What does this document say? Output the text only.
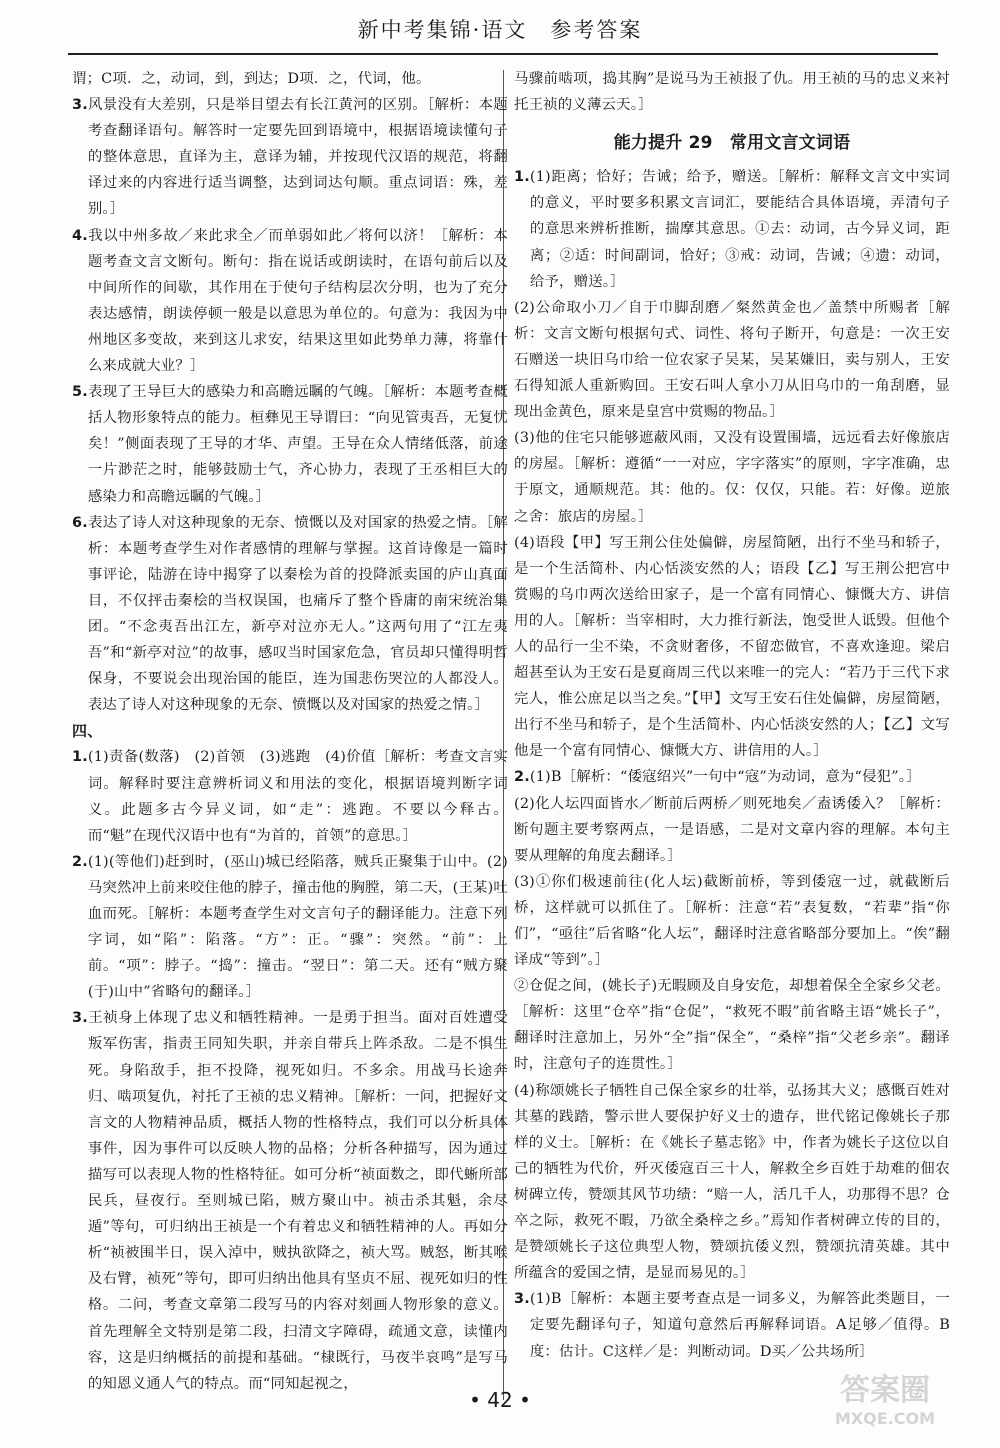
新中考集锦·语文　参考答案

谓；C项．之，动词，到，到达；D项．之，代词，他。

3.风景没有大差别，只是举目望去有长江黄河的区别。［解析：本题考查翻译语句。解答时一定要先回到语境中，根据语境读懂句子的整体意思，直译为主，意译为辅，并按现代汉语的规范，将翻译过来的内容进行适当调整，达到词达句顺。重点词语：殊，差别。］

4.我以中州多故／来此求全／而单弱如此／将何以济！［解析：本题考查文言文断句。断句：指在说话或朗读时，在语句前后以及中间所作的间歇，其作用在于使句子结构层次分明，也为了充分表达感情，朗读停顿一般是以意思为单位的。句意为：我因为中州地区多变故，来到这儿求安，结果这里如此势单力薄，将靠什么来成就大业？］

5.表现了王导巨大的感染力和高瞻远瞩的气魄。［解析：本题考查概括人物形象特点的能力。桓彝见王导谓曰：“向见管夷吾，无复忧矣！”侧面表现了王导的才华、声望。王导在众人情绪低落，前途一片渺茫之时，能够鼓励士气，齐心协力，表现了王丞相巨大的感染力和高瞻远瞩的气魄。］

6.表达了诗人对这种现象的无奈、愤慨以及对国家的热爱之情。［解析：本题考查学生对作者感情的理解与掌握。这首诗像是一篇时事评论，陆游在诗中揭穿了以秦桧为首的投降派卖国的庐山真面目，不仅抨击秦桧的当权误国，也痛斥了整个昏庸的南宋统治集团。“不念夷吾出江左，新亭对泣亦无人。”这两句用了“江左夷吾”和“新亭对泣”的故事，感叹当时国家危急，官员却只懂得明哲保身，不要说会出现治国的能臣，连为国悲伤哭泣的人都没人。表达了诗人对这种现象的无奈、愤慨以及对国家的热爱之情。］

四、

1.(1)责备(数落)　(2)首领　(3)逃跑　(4)价值［解析：考查文言实词。解释时要注意辨析词义和用法的变化，根据语境判断字词义。此题多古今异义词，如“走”：逃跑。不要以今释古。而“魁”在现代汉语中也有“为首的，首领”的意思。］

2.(1)(等他们)赶到时，(巫山)城已经陷落，贼兵正聚集于山中。(2)马突然冲上前来咬住他的脖子，撞击他的胸膛，第二天，(王某)吐血而死。［解析：本题考查学生对文言句子的翻译能力。注意下列字词，如“陷”：陷落。“方”：正。“骤”：突然。“前”：上前。“项”：脖子。“捣”：撞击。“翌日”：第二天。还有“贼方聚(于)山中”省略句的翻译。］

3.王祯身上体现了忠义和牺牲精神。一是勇于担当。面对百姓遭受叛军伤害，指责王同知失职，并亲自带兵上阵杀敌。二是不惧生死。身陷敌手，拒不投降，视死如归。不多余。用战马长途奔归、啮项复仇，衬托了王祯的忠义精神。［解析：一问，把握好文言文的人物精神品质，概括人物的性格特点，我们可以分析具体事件，因为事件可以反映人物的品格；分析各种描写，因为通过描写可以表现人物的性格特征。如可分析“祯面数之，即代蜥所部民兵，昼夜行。至则城已陷，贼方聚山中。祯击杀其魁，余尽遁”等句，可归纳出王祯是一个有着忠义和牺牲精神的人。再如分析“祯被围半日，误入淖中，贼执欲降之，祯大骂。贼怒，断其喉及右臂，祯死”等句，即可归纳出他具有坚贞不屈、视死如归的性格。二问，考查文章第二段写马的内容对刻画人物形象的意义。首先理解全文特别是第二段，扫清文字障碍，疏通文意，读懂内容，这是归纳概括的前提和基础。“棣既行，马夜半哀鸣”是写马的知恩义通人气的特点。而“同知起视之，

马骤前啮项，捣其胸”是说马为王祯报了仇。用王祯的马的忠义来衬托王祯的义薄云天。］

能力提升 29　常用文言文词语

1.(1)距离；恰好；告诫；给予，赠送。［解析：解释文言文中实词的意义，平时要多积累文言词汇，要能结合具体语境，弄清句子的意思来辨析推断，揣摩其意思。①去：动词，古今异义词，距离；②适：时间副词，恰好；③戒：动词，告诫；④遗：动词，给予，赠送。］

(2)公命取小刀／自于巾脚刮磨／粲然黄金也／盖禁中所赐者［解析：文言文断句根据句式、词性、将句子断开，句意是：一次王安石赠送一块旧乌巾给一位农家子吴某，吴某嫌旧，卖与别人，王安石得知派人重新购回。王安石叫人拿小刀从旧乌巾的一角刮磨，显现出金黄色，原来是皇宫中赏赐的物品。］

(3)他的住宅只能够遮蔽风雨，又没有设置围墙，远远看去好像旅店的房屋。［解析：遵循“一一对应，字字落实”的原则，字字准确，忠于原文，通顺规范。其：他的。仅：仅仅，只能。若：好像。逆旅之舍：旅店的房屋。］

(4)语段【甲】写王荆公住处偏僻，房屋简陋，出行不坐马和轿子，是一个生活简朴、内心恬淡安然的人；语段【乙】写王荆公把宫中赏赐的乌巾两次送给田家子，是一个富有同情心、慷慨大方、讲信用的人。［解析：当宰相时，大力推行新法，饱受世人诋毁。但他个人的品行一尘不染，不贪财奢侈，不留恋做官，不喜欢逢迎。梁启超甚至认为王安石是夏商周三代以来唯一的完人：“若乃于三代下求完人，惟公庶足以当之矣。”【甲】文写王安石住处偏僻，房屋简陋，出行不坐马和轿子，是个生活简朴、内心恬淡安然的人；【乙】文写他是一个富有同情心、慷慨大方、讲信用的人。］

2.(1)B［解析：“倭寇绍兴”一句中“寇”为动词，意为“侵犯”。］

(2)化人坛四面皆水／断前后两桥／则死地矣／盍诱倭入？［解析：断句题主要考察两点，一是语感，二是对文章内容的理解。本句主要从理解的角度去翻译。］

(3)①你们极速前往(化人坛)截断前桥，等到倭寇一过，就截断后桥，这样就可以抓住了。［解析：注意“若”表复数，“若辈”指“你们”，“亟往”后省略“化人坛”，翻译时注意省略部分要加上。“俟”翻译成“等到”。］

②仓促之间，(姚长子)无暇顾及自身安危，却想着保全全家乡父老。［解析：这里“仓卒”指“仓促”，“救死不暇”前省略主语“姚长子”，翻译时注意加上，另外“全”指“保全”，“桑梓”指“父老乡亲”。翻译时，注意句子的连贯性。］

(4)称颂姚长子牺牲自己保全家乡的壮举，弘扬其大义；感慨百姓对其墓的践踏，警示世人要保护好义士的遗存，世代铭记像姚长子那样的义士。［解析：在《姚长子墓志铭》中，作者为姚长子这位以自己的牺牲为代价，歼灭倭寇百三十人，解救全乡百姓于劫难的佃农树碑立传，赞颂其风节功绩：“赔一人，活几千人，功那得不思？仓卒之际，救死不暇，乃欲全桑梓之乡。”焉知作者树碑立传的目的，是赞颂姚长子这位典型人物，赞颂抗倭义烈，赞颂抗清英雄。其中所蕴含的爱国之情，是显而易见的。］

3.(1)B［解析：本题主要考查点是一词多义，为解答此类题目，一定要先翻译句子，知道句意然后再解释词语。A足够／值得。B度：估计。C这样／是：判断动词。D买／公共场所］

• 42 •	答案圈
MXQE.COM
